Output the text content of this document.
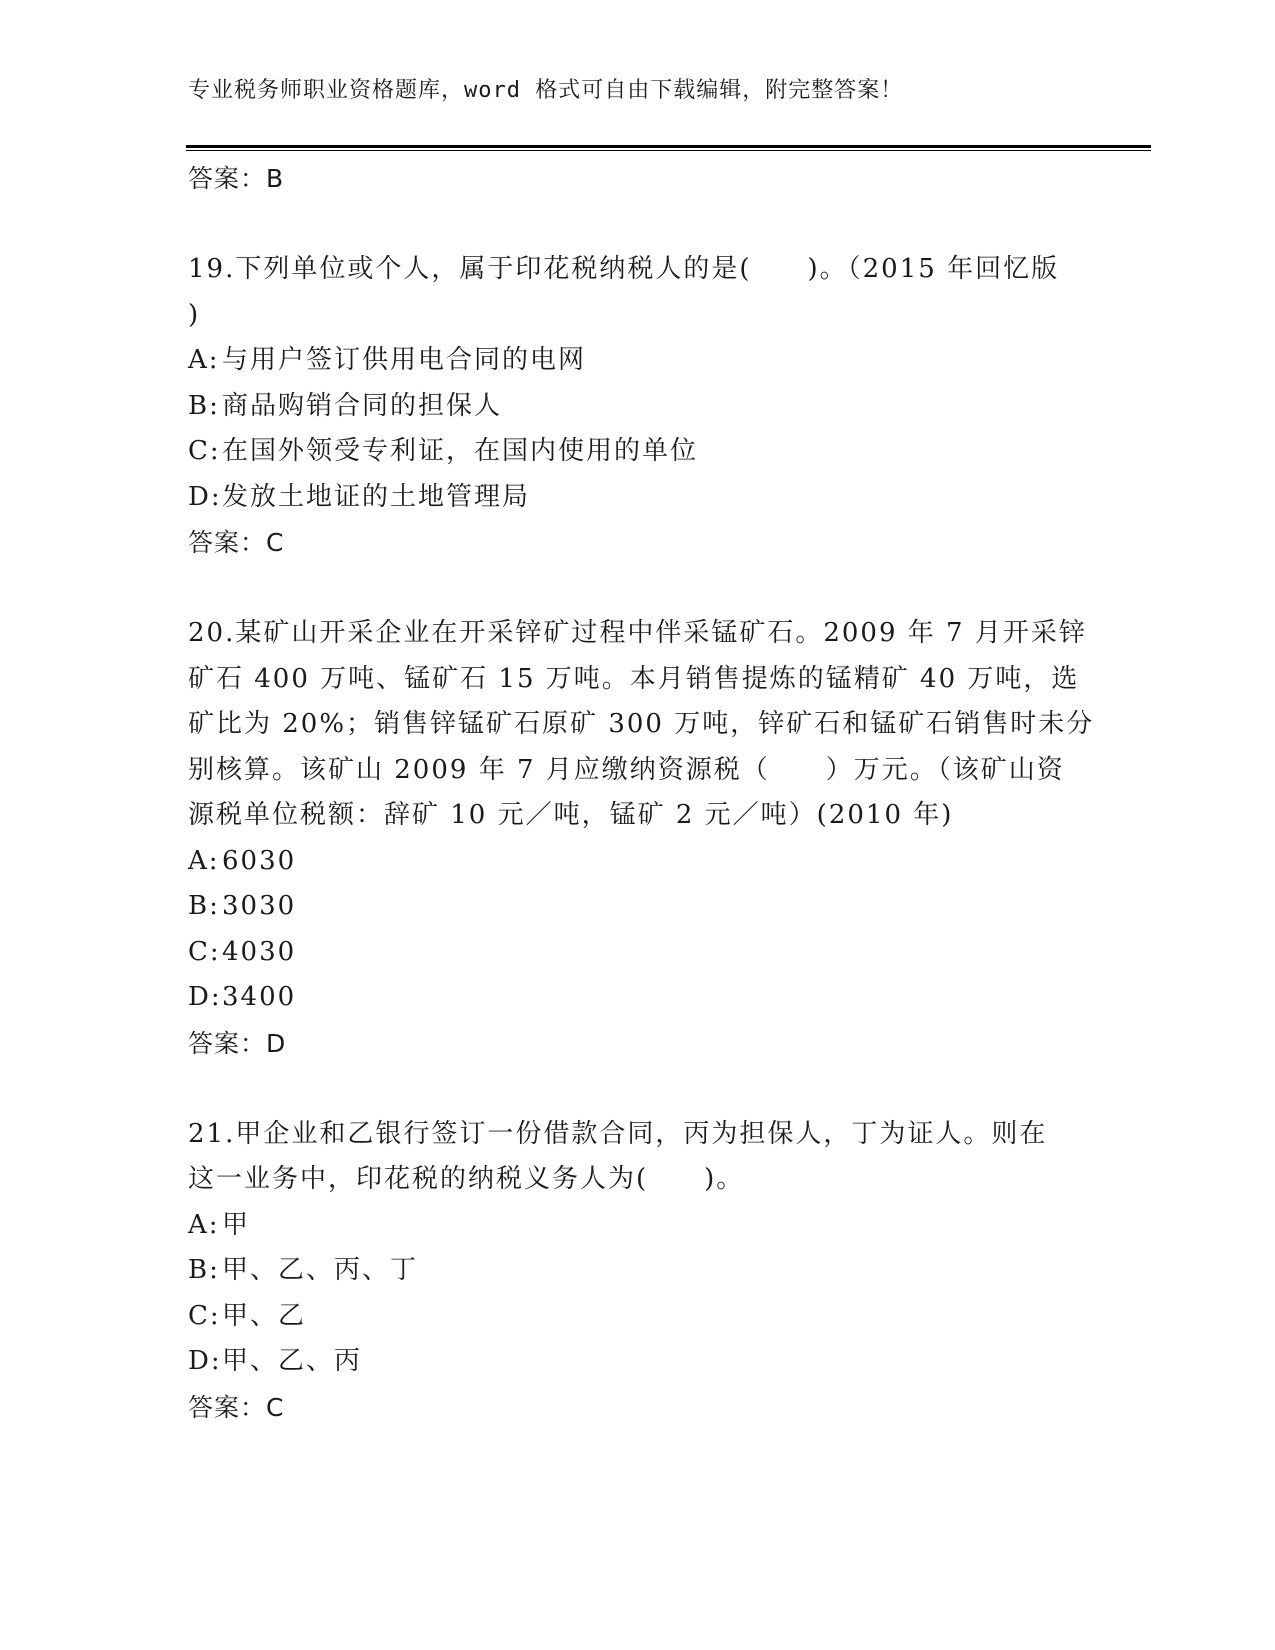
专业税务师职业资格题库，word 格式可自由下载编辑，附完整答案！
答案：B
19.下列单位或个人，属于印花税纳税人的是(　　)。（2015 年回忆版
)
A:与用户签订供用电合同的电网
B:商品购销合同的担保人
C:在国外领受专利证，在国内使用的单位
D:发放土地证的土地管理局
答案：C
20.某矿山开采企业在开采锌矿过程中伴采锰矿石。2009 年 7 月开采锌
矿石 400 万吨、锰矿石 15 万吨。本月销售提炼的锰精矿 40 万吨，选
矿比为 20%；销售锌锰矿石原矿 300 万吨，锌矿石和锰矿石销售时未分
别核算。该矿山 2009 年 7 月应缴纳资源税（　　）万元。（该矿山资
源税单位税额：辞矿 10 元／吨，锰矿 2 元／吨）(2010 年)
A:6030
B:3030
C:4030
D:3400
答案：D
21.甲企业和乙银行签订一份借款合同，丙为担保人，丁为证人。则在
这一业务中，印花税的纳税义务人为(　　)。
A:甲
B:甲、乙、丙、丁
C:甲、乙
D:甲、乙、丙
答案：C
